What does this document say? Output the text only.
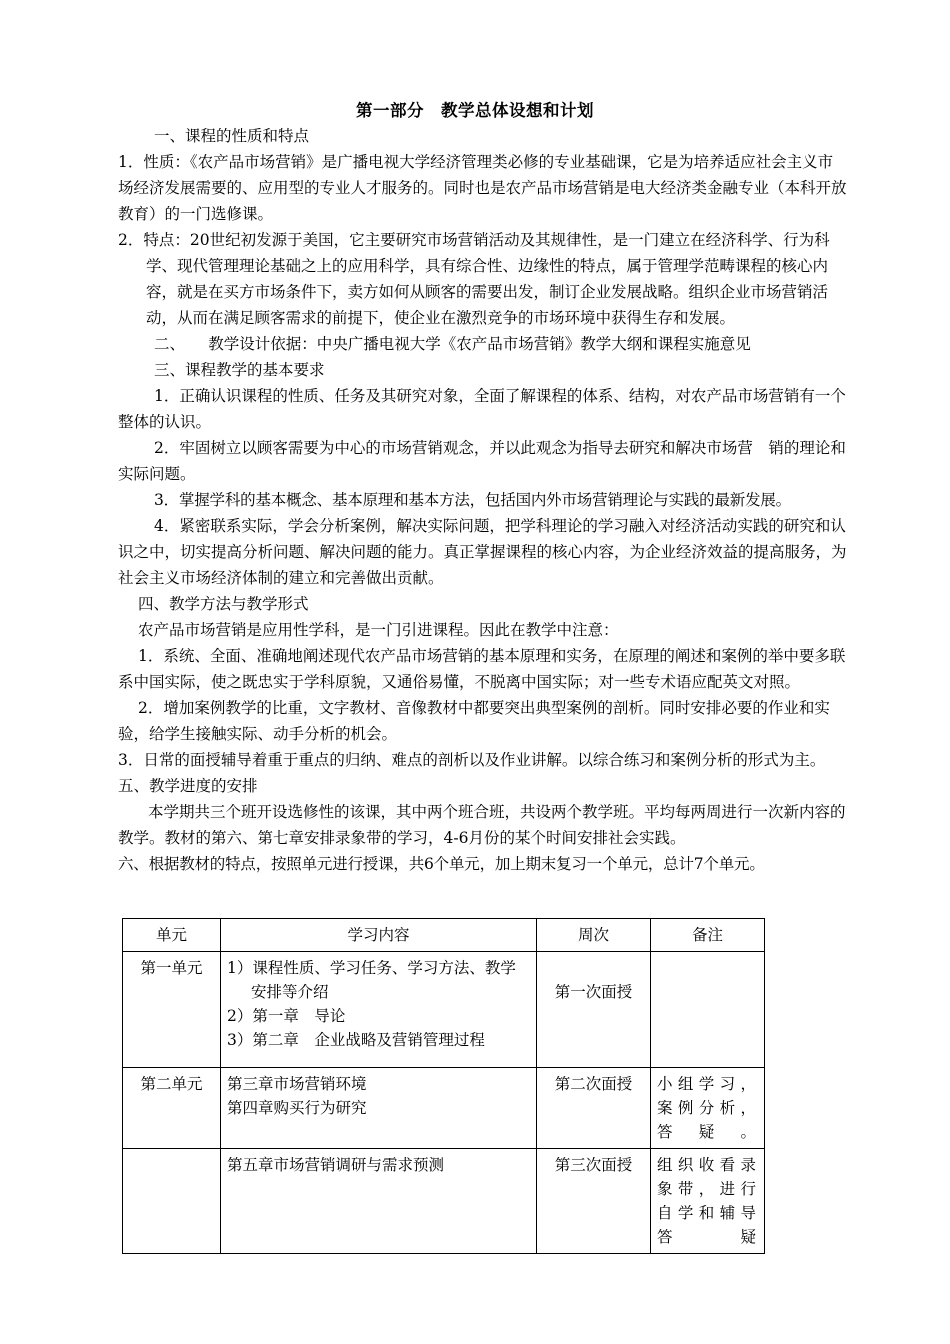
第一部分　教学总体设想和计划

一、课程的性质和特点

1．性质：《农产品市场营销》是广播电视大学经济管理类必修的专业基础课，它是为培养适应社会主义市场经济发展需要的、应用型的专业人才服务的。同时也是农产品市场营销是电大经济类金融专业（本科开放教育）的一门选修课。

2．特点：20世纪初发源于美国，它主要研究市场营销活动及其规律性，是一门建立在经济科学、行为科学、现代管理理论基础之上的应用科学，具有综合性、边缘性的特点，属于管理学范畴课程的核心内容，就是在买方市场条件下，卖方如何从顾客的需要出发，制订企业发展战略。组织企业市场营销活动，从而在满足顾客需求的前提下，使企业在激烈竞争的市场环境中获得生存和发展。

二、　　教学设计依据：中央广播电视大学《农产品市场营销》教学大纲和课程实施意见

三、课程教学的基本要求

1．正确认识课程的性质、任务及其研究对象，全面了解课程的体系、结构，对农产品市场营销有一个整体的认识。

2．牢固树立以顾客需要为中心的市场营销观念，并以此观念为指导去研究和解决市场营　销的理论和实际问题。

3．掌握学科的基本概念、基本原理和基本方法，包括国内外市场营销理论与实践的最新发展。

4．紧密联系实际，学会分析案例，解决实际问题，把学科理论的学习融入对经济活动实践的研究和认识之中，切实提高分析问题、解决问题的能力。真正掌握课程的核心内容，为企业经济效益的提高服务，为社会主义市场经济体制的建立和完善做出贡献。

四、教学方法与教学形式

农产品市场营销是应用性学科，是一门引进课程。因此在教学中注意：

1．系统、全面、准确地阐述现代农产品市场营销的基本原理和实务，在原理的阐述和案例的举中要多联系中国实际，使之既忠实于学科原貌，又通俗易懂，不脱离中国实际；对一些专术语应配英文对照。

2．增加案例教学的比重，文字教材、音像教材中都要突出典型案例的剖析。同时安排必要的作业和实验，给学生接触实际、动手分析的机会。

3．日常的面授辅导着重于重点的归纳、难点的剖析以及作业讲解。以综合练习和案例分析的形式为主。

五、教学进度的安排

本学期共三个班开设选修性的该课，其中两个班合班，共设两个教学班。平均每两周进行一次新内容的教学。教材的第六、第七章安排录象带的学习，4-6月份的某个时间安排社会实践。

六、根据教材的特点，按照单元进行授课，共6个单元，加上期末复习一个单元，总计7个单元。

单元	学习内容	周次	备注
第一单元	1）课程性质、学习任务、学习方法、教学安排等介绍
2）第一章　导论
3）第二章　企业战略及营销管理过程	第一次面授	
第二单元	第三章市场营销环境
第四章购买行为研究	第二次面授	小组学习，案例分析，答疑。

	第五章市场营销调研与需求预测	第三次面授	组织收看录象带，进行自学和辅导答疑
